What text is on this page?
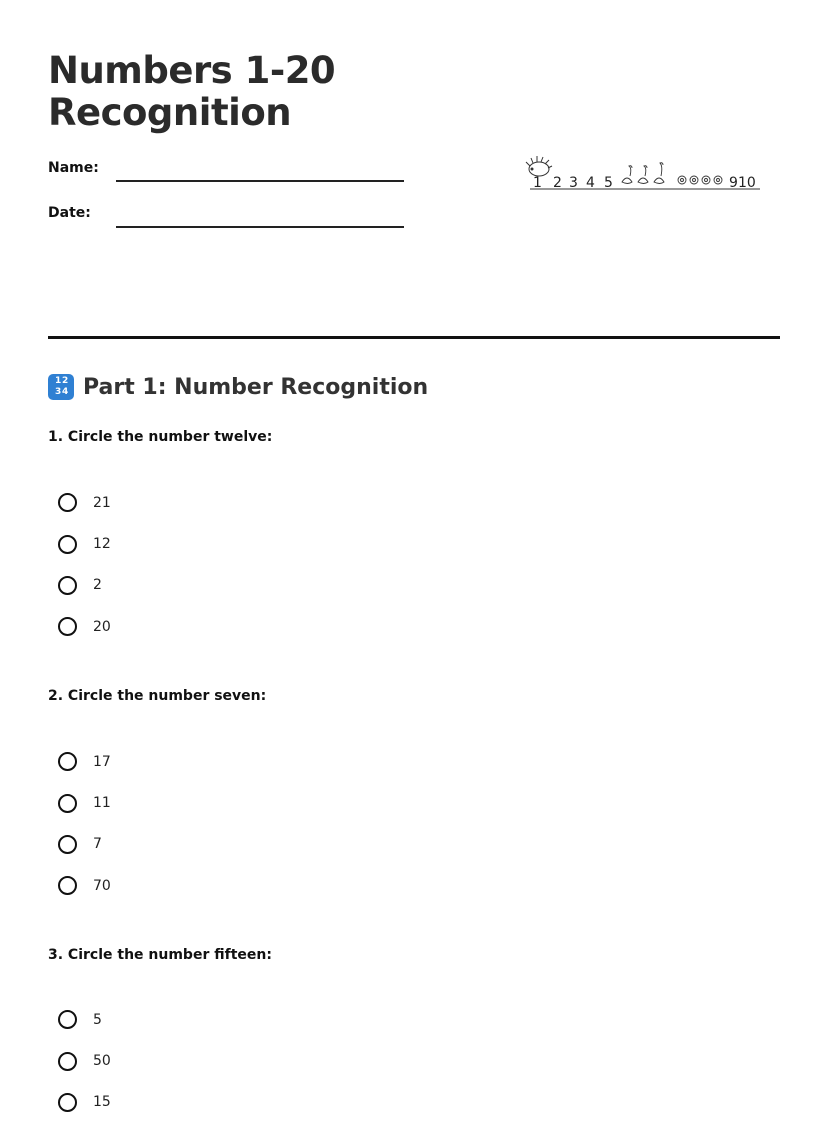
Numbers 1-20
Recognition
Name:
Date:
1 2 3 4 5	9 10
1 2
3 4 Part 1: Number Recognition
1. Circle the number twelve:
21
12
2
20
2. Circle the number seven:
17
11
7
70
3. Circle the number fifteen:
5
50
15
